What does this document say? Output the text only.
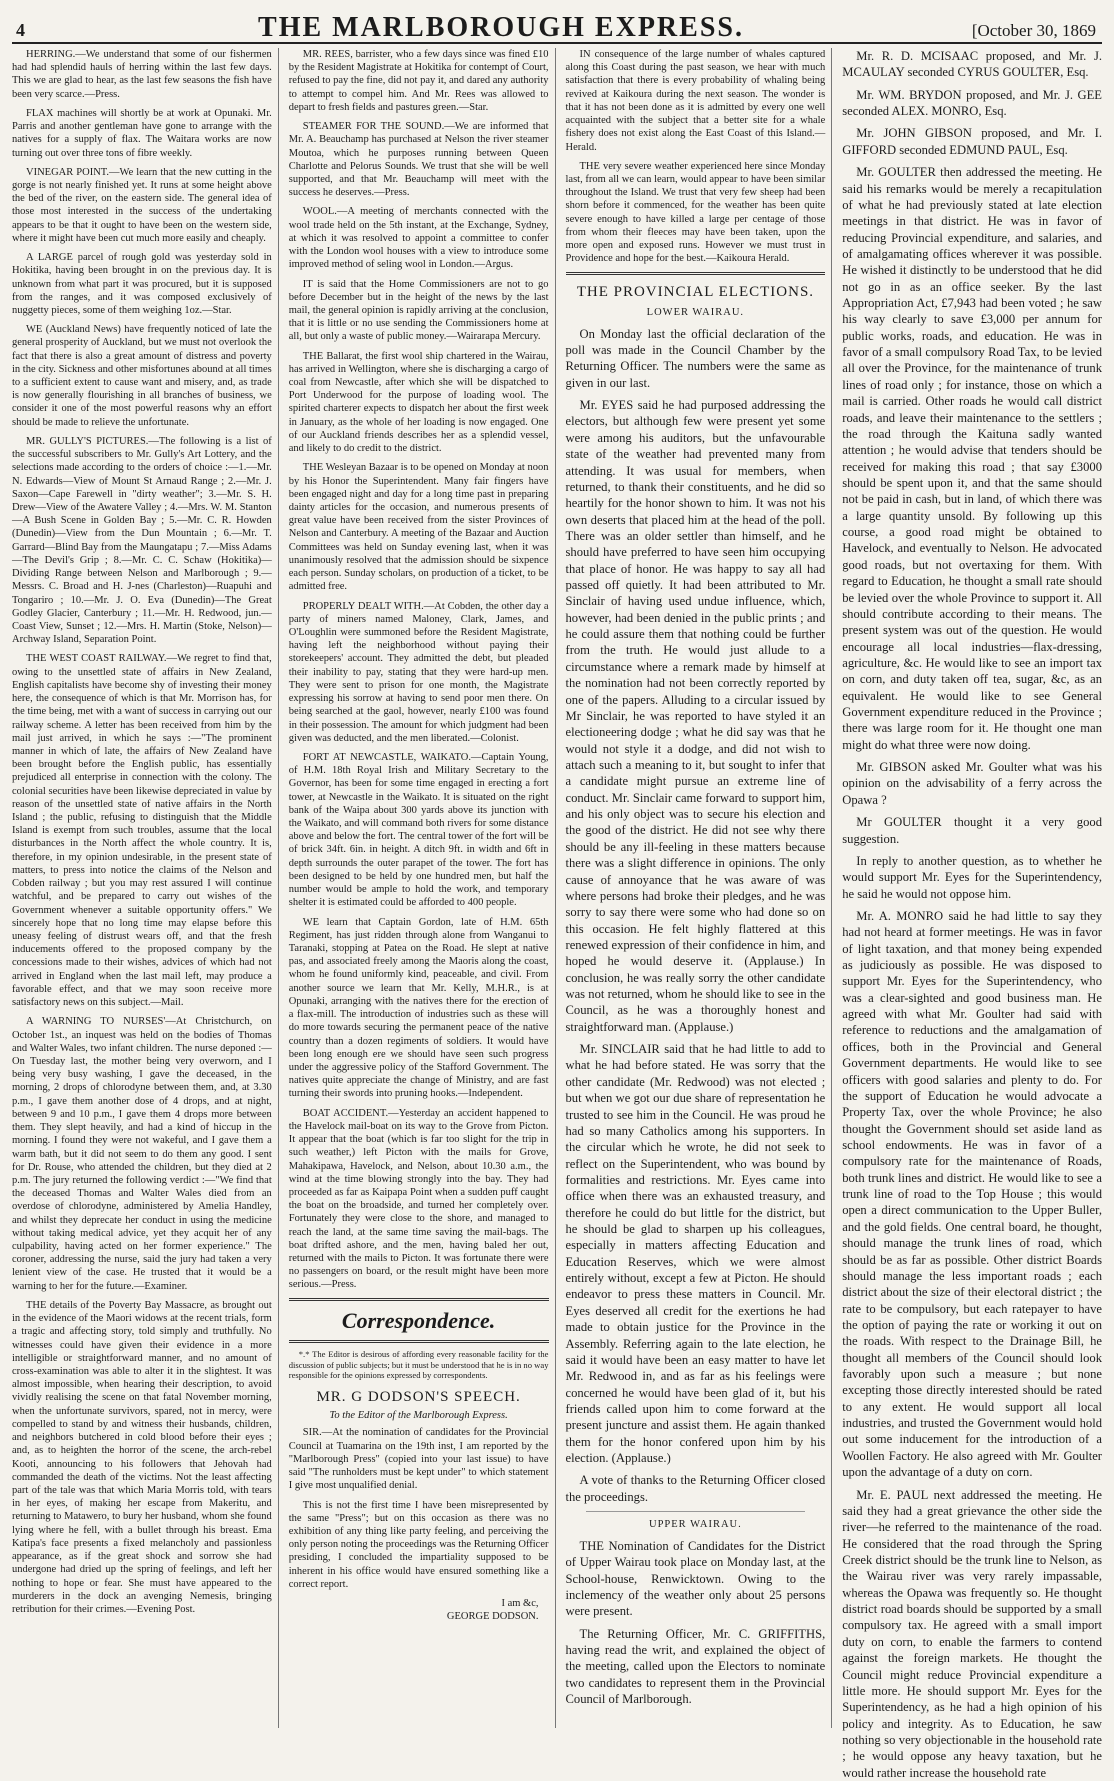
4	THE MARLBOROUGH EXPRESS.	[October 30, 1869

HERRING.—We understand that some of our fishermen had had splendid hauls of herring within the last few days. This we are glad to hear, as the last few seasons the fish have been very scarce.—Press.

FLAX machines will shortly be at work at Opunaki. Mr. Parris and another gentleman have gone to arrange with the natives for a supply of flax. The Waitara works are now turning out over three tons of fibre weekly.

VINEGAR POINT.—We learn that the new cutting in the gorge is not nearly finished yet. It runs at some height above the bed of the river, on the eastern side. The general idea of those most interested in the success of the undertaking appears to be that it ought to have been on the western side, where it might have been cut much more easily and cheaply.

A LARGE parcel of rough gold was yesterday sold in Hokitika, having been brought in on the previous day. It is unknown from what part it was procured, but it is supposed from the ranges, and it was composed exclusively of nuggetty pieces, some of them weighing 1oz.—Star.

WE (Auckland News) have frequently noticed of late the general prosperity of Auckland, but we must not overlook the fact that there is also a great amount of distress and poverty in the city. Sickness and other misfortunes abound at all times to a sufficient extent to cause want and misery, and, as trade is now generally flourishing in all branches of business, we consider it one of the most powerful reasons why an effort should be made to relieve the unfortunate.

MR. GULLY'S PICTURES.—The following is a list of the successful subscribers to Mr. Gully's Art Lottery, and the selections made according to the orders of choice :—1.—Mr. N. Edwards—View of Mount St Arnaud Range ; 2.—Mr. J. Saxon—Cape Farewell in "dirty weather"; 3.—Mr. S. H. Drew—View of the Awatere Valley ; 4.—Mrs. W. M. Stanton—A Bush Scene in Golden Bay ; 5.—Mr. C. R. Howden (Dunedin)—View from the Dun Mountain ; 6.—Mr. T. Garrard—Blind Bay from the Maungatapu ; 7.—Miss Adams—The Devil's Grip ; 8.—Mr. C. C. Schaw (Hokitika)—Dividing Range between Nelson and Marlborough ; 9.—Messrs. C. Broad and H. J-nes (Charleston)—Ruapuhi and Tongariro ; 10.—Mr. J. O. Eva (Dunedin)—The Great Godley Glacier, Canterbury ; 11.—Mr. H. Redwood, jun.—Coast View, Sunset ; 12.—Mrs. H. Martin (Stoke, Nelson)—Archway Island, Separation Point.

THE WEST COAST RAILWAY.—We regret to find that, owing to the unsettled state of affairs in New Zealand, English capitalists have become shy of investing their money here, the consequence of which is that Mr. Morrison has, for the time being, met with a want of success in carrying out our railway scheme. A letter has been received from him by the mail just arrived, in which he says :—"The prominent manner in which of late, the affairs of New Zealand have been brought before the English public, has essentially prejudiced all enterprise in connection with the colony. The colonial securities have been likewise depreciated in value by reason of the unsettled state of native affairs in the North Island ; the public, refusing to distinguish that the Middle Island is exempt from such troubles, assume that the local disturbances in the North affect the whole country. It is, therefore, in my opinion undesirable, in the present state of matters, to press into notice the claims of the Nelson and Cobden railway ; but you may rest assured I will continue watchful, and be prepared to carry out wishes of the Government whenever a suitable opportunity offers." We sincerely hope that no long time may elapse before this uneasy feeling of distrust wears off, and that the fresh inducements offered to the proposed company by the concessions made to their wishes, advices of which had not arrived in England when the last mail left, may produce a favorable effect, and that we may soon receive more satisfactory news on this subject.—Mail.

A WARNING TO NURSES'—At Christchurch, on October 1st., an inquest was held on the bodies of Thomas and Walter Wales, two infant children. The nurse deponed :—On Tuesday last, the mother being very overworn, and I being very busy washing, I gave the deceased, in the morning, 2 drops of chlorodyne between them, and, at 3.30 p.m., I gave them another dose of 4 drops, and at night, between 9 and 10 p.m., I gave them 4 drops more between them. They slept heavily, and had a kind of hiccup in the morning. I found they were not wakeful, and I gave them a warm bath, but it did not seem to do them any good. I sent for Dr. Rouse, who attended the children, but they died at 2 p.m. The jury returned the following verdict :—"We find that the deceased Thomas and Walter Wales died from an overdose of chlorodyne, administered by Amelia Handley, and whilst they deprecate her conduct in using the medicine without taking medical advice, yet they acquit her of any culpability, having acted on her former experience." The coroner, addressing the nurse, said the jury had taken a very lenient view of the case. He trusted that it would be a warning to her for the future.—Examiner.

THE details of the Poverty Bay Massacre, as brought out in the evidence of the Maori widows at the recent trials, form a tragic and affecting story, told simply and truthfully. No witnesses could have given their evidence in a more intelligible or straightforward manner, and no amount of cross-examination was able to alter it in the slightest. It was almost impossible, when hearing their description, to avoid vividly realising the scene on that fatal November morning, when the unfortunate survivors, spared, not in mercy, were compelled to stand by and witness their husbands, children, and neighbors butchered in cold blood before their eyes ; and, as to heighten the horror of the scene, the arch-rebel Kooti, announcing to his followers that Jehovah had commanded the death of the victims. Not the least affecting part of the tale was that which Maria Morris told, with tears in her eyes, of making her escape from Makeritu, and returning to Matawero, to bury her husband, whom she found lying where he fell, with a bullet through his breast. Ema Katipa's face presents a fixed melancholy and passionless appearance, as if the great shock and sorrow she had undergone had dried up the spring of feelings, and left her nothing to hope or fear. She must have appeared to the murderers in the dock an avenging Nemesis, bringing retribution for their crimes.—Evening Post.

MR. REES, barrister, who a few days since was fined £10 by the Resident Magistrate at Hokitika for contempt of Court, refused to pay the fine, did not pay it, and dared any authority to attempt to compel him. And Mr. Rees was allowed to depart to fresh fields and pastures green.—Star.

STEAMER FOR THE SOUND.—We are informed that Mr. A. Beauchamp has purchased at Nelson the river steamer Moutoa, which he purposes running between Queen Charlotte and Pelorus Sounds. We trust that she will be well supported, and that Mr. Beauchamp will meet with the success he deserves.—Press.

WOOL.—A meeting of merchants connected with the wool trade held on the 5th instant, at the Exchange, Sydney, at which it was resolved to appoint a committee to confer with the London wool houses with a view to introduce some improved method of seling wool in London.—Argus.

IT is said that the Home Commissioners are not to go before December but in the height of the news by the last mail, the general opinion is rapidly arriving at the conclusion, that it is little or no use sending the Commissioners home at all, but only a waste of public money.—Wairarapa Mercury.

THE Ballarat, the first wool ship chartered in the Wairau, has arrived in Wellington, where she is discharging a cargo of coal from Newcastle, after which she will be dispatched to Port Underwood for the purpose of loading wool. The spirited charterer expects to dispatch her about the first week in January, as the whole of her loading is now engaged. One of our Auckland friends describes her as a splendid vessel, and likely to do credit to the district.

THE Wesleyan Bazaar is to be opened on Monday at noon by his Honor the Superintendent. Many fair fingers have been engaged night and day for a long time past in preparing dainty articles for the occasion, and numerous presents of great value have been received from the sister Provinces of Nelson and Canterbury. A meeting of the Bazaar and Auction Committees was held on Sunday evening last, when it was unanimously resolved that the admission should be sixpence each person. Sunday scholars, on production of a ticket, to be admitted free.

PROPERLY DEALT WITH.—At Cobden, the other day a party of miners named Maloney, Clark, James, and O'Loughlin were summoned before the Resident Magistrate, having left the neighborhood without paying their storekeepers' account. They admitted the debt, but pleaded their inability to pay, stating that they were hard-up men. They were sent to prison for one month, the Magistrate expressing his sorrow at having to send poor men there. On being searched at the gaol, however, nearly £100 was found in their possession. The amount for which judgment had been given was deducted, and the men liberated.—Colonist.

FORT AT NEWCASTLE, WAIKATO.—Captain Young, of H.M. 18th Royal Irish and Military Secretary to the Governor, has been for some time engaged in erecting a fort tower, at Newcastle in the Waikato. It is situated on the right bank of the Waipa about 300 yards above its junction with the Waikato, and will command both rivers for some distance above and below the fort. The central tower of the fort will be of brick 34ft. 6in. in height. A ditch 9ft. in width and 6ft in depth surrounds the outer parapet of the tower. The fort has been designed to be held by one hundred men, but half the number would be ample to hold the work, and temporary shelter it is estimated could be afforded to 400 people.

WE learn that Captain Gordon, late of H.M. 65th Regiment, has just ridden through alone from Wanganui to Taranaki, stopping at Patea on the Road. He slept at native pas, and associated freely among the Maoris along the coast, whom he found uniformly kind, peaceable, and civil. From another source we learn that Mr. Kelly, M.H.R., is at Opunaki, arranging with the natives there for the erection of a flax-mill. The introduction of industries such as these will do more towards securing the permanent peace of the native country than a dozen regiments of soldiers. It would have been long enough ere we should have seen such progress under the aggressive policy of the Stafford Government. The natives quite appreciate the change of Ministry, and are fast turning their swords into pruning hooks.—Independent.

BOAT ACCIDENT.—Yesterday an accident happened to the Havelock mail-boat on its way to the Grove from Picton. It appear that the boat (which is far too slight for the trip in such weather,) left Picton with the mails for Grove, Mahakipawa, Havelock, and Nelson, about 10.30 a.m., the wind at the time blowing strongly into the bay. They had proceeded as far as Kaipapa Point when a sudden puff caught the boat on the broadside, and turned her completely over. Fortunately they were close to the shore, and managed to reach the land, at the same time saving the mail-bags. The boat drifted ashore, and the men, having baled her out, returned with the mails to Picton. It was fortunate there were no passengers on board, or the result might have been more serious.—Press.

Correspondence.

*.* The Editor is desirous of affording every reasonable facility for the discussion of public subjects; but it must be understood that he is in no way responsible for the opinions expressed by correspondents.

MR. G DODSON'S SPEECH.
To the Editor of the Marlborough Express.

SIR.—At the nomination of candidates for the Provincial Council at Tuamarina on the 19th inst, I am reported by the "Marlborough Press" (copied into your last issue) to have said "The runholders must be kept under" to which statement I give most unqualified denial.

This is not the first time I have been misrepresented by the same "Press"; but on this occasion as there was no exhibition of any thing like party feeling, and perceiving the only person noting the proceedings was the Returning Officer presiding, I concluded the impartiality supposed to be inherent in his office would have ensured something like a correct report.

I am &c,
GEORGE DODSON.

IN consequence of the large number of whales captured along this Coast during the past season, we hear with much satisfaction that there is every probability of whaling being revived at Kaikoura during the next season. The wonder is that it has not been done as it is admitted by every one well acquainted with the subject that a better site for a whale fishery does not exist along the East Coast of this Island.—Herald.

THE very severe weather experienced here since Monday last, from all we can learn, would appear to have been similar throughout the Island. We trust that very few sheep had been shorn before it commenced, for the weather has been quite severe enough to have killed a large per centage of those from whom their fleeces may have been taken, upon the more open and exposed runs. However we must trust in Providence and hope for the best.—Kaikoura Herald.

THE PROVINCIAL ELECTIONS.
LOWER WAIRAU.

On Monday last the official declaration of the poll was made in the Council Chamber by the Returning Officer. The numbers were the same as given in our last.

Mr. EYES said he had purposed addressing the electors, but although few were present yet some were among his auditors, but the unfavourable state of the weather had prevented many from attending. It was usual for members, when returned, to thank their constituents, and he did so heartily for the honor shown to him. It was not his own deserts that placed him at the head of the poll. There was an older settler than himself, and he should have preferred to have seen him occupying that place of honor. He was happy to say all had passed off quietly. It had been attributed to Mr. Sinclair of having used undue influence, which, however, had been denied in the public prints ; and he could assure them that nothing could be further from the truth. He would just allude to a circumstance where a remark made by himself at the nomination had not been correctly reported by one of the papers. Alluding to a circular issued by Mr Sinclair, he was reported to have styled it an electioneering dodge ; what he did say was that he would not style it a dodge, and did not wish to attach such a meaning to it, but sought to infer that a candidate might pursue an extreme line of conduct. Mr. Sinclair came forward to support him, and his only object was to secure his election and the good of the district. He did not see why there should be any ill-feeling in these matters because there was a slight difference in opinions. The only cause of annoyance that he was aware of was where persons had broke their pledges, and he was sorry to say there were some who had done so on this occasion. He felt highly flattered at this renewed expression of their confidence in him, and hoped he would deserve it. (Applause.) In conclusion, he was really sorry the other candidate was not returned, whom he should like to see in the Council, as he was a thoroughly honest and straightforward man. (Applause.)

Mr. SINCLAIR said that he had little to add to what he had before stated. He was sorry that the other candidate (Mr. Redwood) was not elected ; but when we got our due share of representation he trusted to see him in the Council. He was proud he had so many Catholics among his supporters. In the circular which he wrote, he did not seek to reflect on the Superintendent, who was bound by formalities and restrictions. Mr. Eyes came into office when there was an exhausted treasury, and therefore he could do but little for the district, but he should be glad to sharpen up his colleagues, especially in matters affecting Education and Education Reserves, which we were almost entirely without, except a few at Picton. He should endeavor to press these matters in Council. Mr. Eyes deserved all credit for the exertions he had made to obtain justice for the Province in the Assembly. Referring again to the late election, he said it would have been an easy matter to have let Mr. Redwood in, and as far as his feelings were concerned he would have been glad of it, but his friends called upon him to come forward at the present juncture and assist them. He again thanked them for the honor confered upon him by his election. (Applause.)

A vote of thanks to the Returning Officer closed the proceedings.

UPPER WAIRAU.

THE Nomination of Candidates for the District of Upper Wairau took place on Monday last, at the School-house, Renwicktown. Owing to the inclemency of the weather only about 25 persons were present.

The Returning Officer, Mr. C. GRIFFITHS, having read the writ, and explained the object of the meeting, called upon the Electors to nominate two candidates to represent them in the Provincial Council of Marlborough.

Mr. R. D. MCISAAC proposed, and Mr. J. MCAULAY seconded CYRUS GOULTER, Esq.

Mr. WM. BRYDON proposed, and Mr. J. GEE seconded ALEX. MONRO, Esq.

Mr. JOHN GIBSON proposed, and Mr. I. GIFFORD seconded EDMUND PAUL, Esq.

Mr. GOULTER then addressed the meeting. He said his remarks would be merely a recapitulation of what he had previously stated at late election meetings in that district. He was in favor of reducing Provincial expenditure, and salaries, and of amalgamating offices wherever it was possible. He wished it distinctly to be understood that he did not go in as an office seeker. By the last Appropriation Act, £7,943 had been voted ; he saw his way clearly to save £3,000 per annum for public works, roads, and education. He was in favor of a small compulsory Road Tax, to be levied all over the Province, for the maintenance of trunk lines of road only ; for instance, those on which a mail is carried. Other roads he would call district roads, and leave their maintenance to the settlers ; the road through the Kaituna sadly wanted attention ; he would advise that tenders should be received for making this road ; that say £3000 should be spent upon it, and that the same should not be paid in cash, but in land, of which there was a large quantity unsold. By following up this course, a good road might be obtained to Havelock, and eventually to Nelson. He advocated good roads, but not overtaxing for them. With regard to Education, he thought a small rate should be levied over the whole Province to support it. All should contribute according to their means. The present system was out of the question. He would encourage all local industries—flax-dressing, agriculture, &c. He would like to see an import tax on corn, and duty taken off tea, sugar, &c, as an equivalent. He would like to see General Government expenditure reduced in the Province ; there was large room for it. He thought one man might do what three were now doing.

Mr. GIBSON asked Mr. Goulter what was his opinion on the advisability of a ferry across the Opawa ?

Mr GOULTER thought it a very good suggestion.

In reply to another question, as to whether he would support Mr. Eyes for the Superintendency, he said he would not oppose him.

Mr. A. MONRO said he had little to say they had not heard at former meetings. He was in favor of light taxation, and that money being expended as judiciously as possible. He was disposed to support Mr. Eyes for the Superintendency, who was a clear-sighted and good business man. He agreed with what Mr. Goulter had said with reference to reductions and the amalgamation of offices, both in the Provincial and General Government departments. He would like to see officers with good salaries and plenty to do. For the support of Education he would advocate a Property Tax, over the whole Province; he also thought the Government should set aside land as school endowments. He was in favor of a compulsory rate for the maintenance of Roads, both trunk lines and district. He would like to see a trunk line of road to the Top House ; this would open a direct communication to the Upper Buller, and the gold fields. One central board, he thought, should manage the trunk lines of road, which should be as far as possible. Other district Boards should manage the less important roads ; each district about the size of their electoral district ; the rate to be compulsory, but each ratepayer to have the option of paying the rate or working it out on the roads. With respect to the Drainage Bill, he thought all members of the Council should look favorably upon such a measure ; but none excepting those directly interested should be rated to any extent. He would support all local industries, and trusted the Government would hold out some inducement for the introduction of a Woollen Factory. He also agreed with Mr. Goulter upon the advantage of a duty on corn.

Mr. E. PAUL next addressed the meeting. He said they had a great grievance the other side the river—he referred to the maintenance of the road. He considered that the road through the Spring Creek district should be the trunk line to Nelson, as the Wairau river was very rarely impassable, whereas the Opawa was frequently so. He thought district road boards should be supported by a small compulsory tax. He agreed with a small import duty on corn, to enable the farmers to contend against the foreign markets. He thought the Council might reduce Provincial expenditure a little more. He should support Mr. Eyes for the Superintendency, as he had a high opinion of his policy and integrity. As to Education, he saw nothing so very objectionable in the household rate ; he would oppose any heavy taxation, but he would rather increase the household rate
